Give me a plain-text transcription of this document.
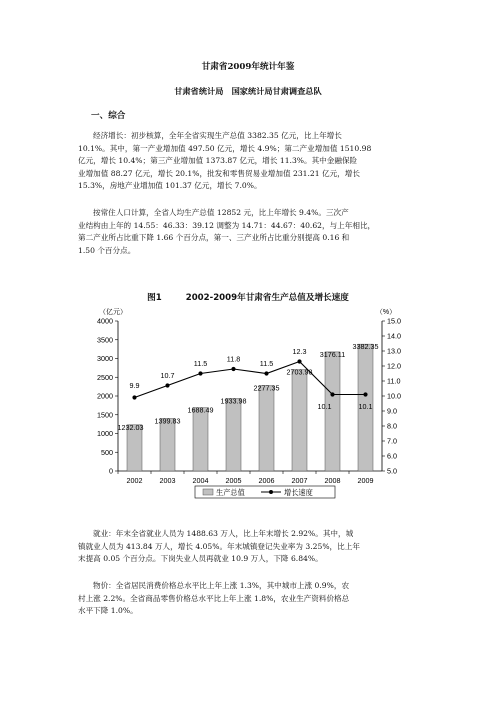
甘肃省2009年统计年鉴
甘肃省统计局　国家统计局甘肃调查总队
一、综合
经济增长：初步核算，全年全省实现生产总值 3382.35 亿元，比上年增长
10.1%。其中，第一产业增加值 497.50 亿元，增长 4.9%；第二产业增加值 1510.98
亿元，增长 10.4%；第三产业增加值 1373.87 亿元，增长 11.3%。其中金融保险
业增加值 88.27 亿元，增长 20.1%，批发和零售贸易业增加值 231.21 亿元，增长
15.3%，房地产业增加值 101.37 亿元，增长 7.0%。
按常住人口计算，全省人均生产总值 12852 元，比上年增长 9.4%。三次产
业结构由上年的 14.55：46.33：39.12 调整为 14.71：44.67：40.62，与上年相比，
第二产业所占比重下降 1.66 个百分点，第一、三产业所占比重分别提高 0.16 和
1.50 个百分点。
图1	2002-2009年甘肃省生产总值及增长速度
（亿元）	（%）
0
500
1000
1500
2000
2500
3000
3500
4000
5.0
6.0
7.0
8.0
9.0
10.0
11.0
12.0
13.0
14.0
15.0
2002 2003 2004 2005 2006 2007 2008 2009
1232.03
1399.83
1688.49
1933.98
2277.35
2703.98
3176.11
3382.35
9.9
10.7
11.5	11.8	11.5
12.3
10.1	10.1
生产总值	增长速度
就业：年末全省就业人员为 1488.63 万人，比上年末增长 2.92%。其中，城
镇就业人员为 413.84 万人，增长 4.05%。年末城镇登记失业率为 3.25%，比上年
末提高 0.05 个百分点。下岗失业人员再就业 10.9 万人，下降 6.84%。
物价：全省居民消费价格总水平比上年上涨 1.3%，其中城市上涨 0.9%，农
村上涨 2.2%。全省商品零售价格总水平比上年上涨 1.8%，农业生产资料价格总
水平下降 1.0%。
